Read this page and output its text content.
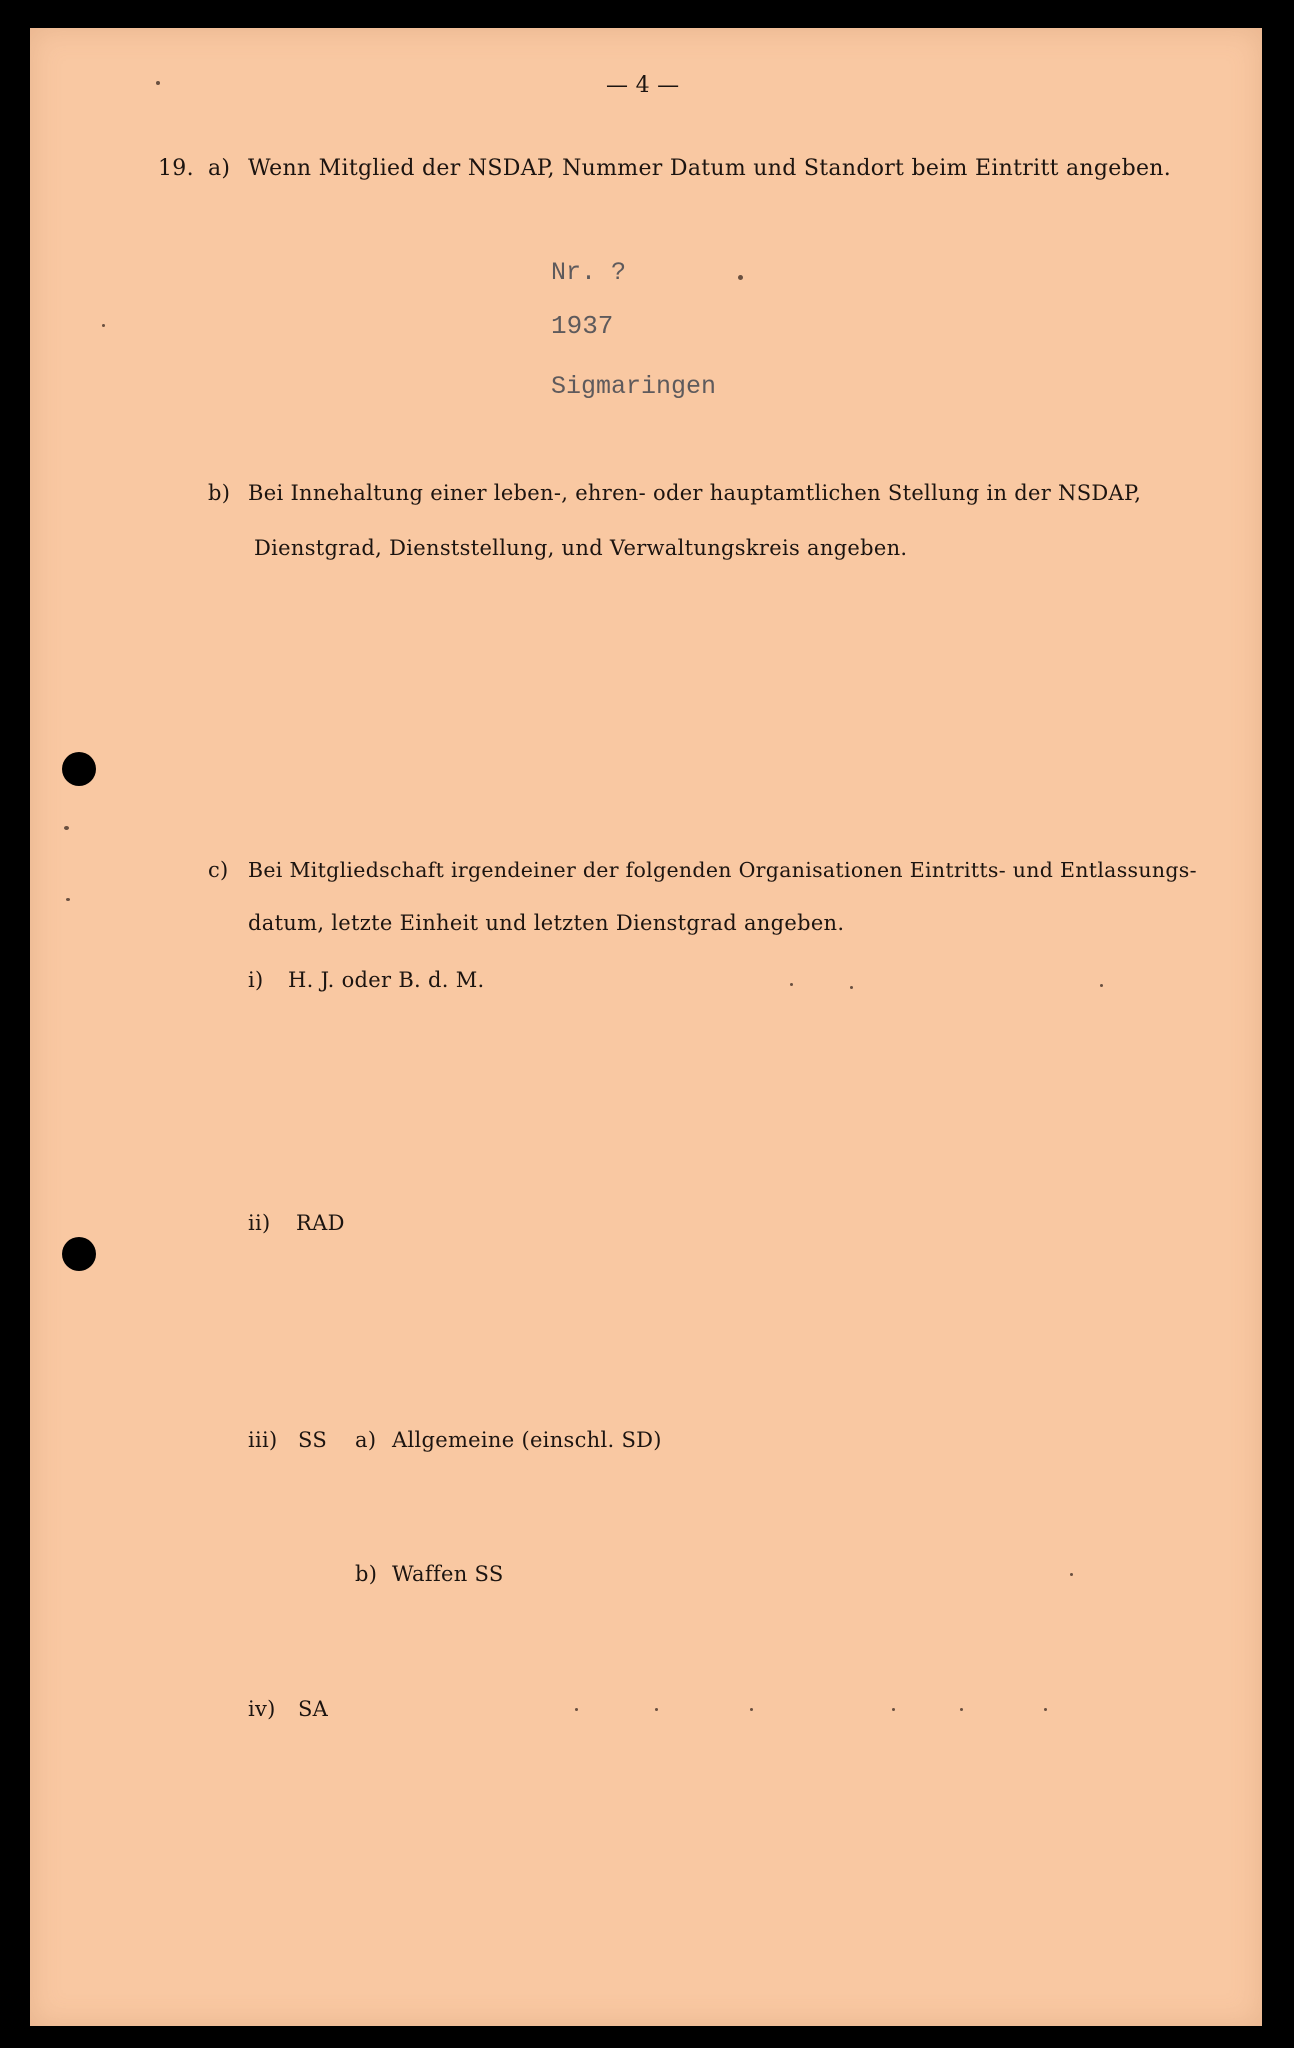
— 4 —
19. a) Wenn Mitglied der NSDAP, Nummer Datum und Standort beim Eintritt angeben.
Nr. ?
1937
Sigmaringen
b) Bei Innehaltung einer leben-, ehren- oder hauptamtlichen Stellung in der NSDAP,
Dienstgrad, Dienststellung, und Verwaltungskreis angeben.
c) Bei Mitgliedschaft irgendeiner der folgenden Organisationen Eintritts- und Entlassungs-
datum, letzte Einheit und letzten Dienstgrad angeben.
i) H. J. oder B. d. M.
ii) RAD
iii) SS a) Allgemeine (einschl. SD)
b) Waffen SS
iv) SA
